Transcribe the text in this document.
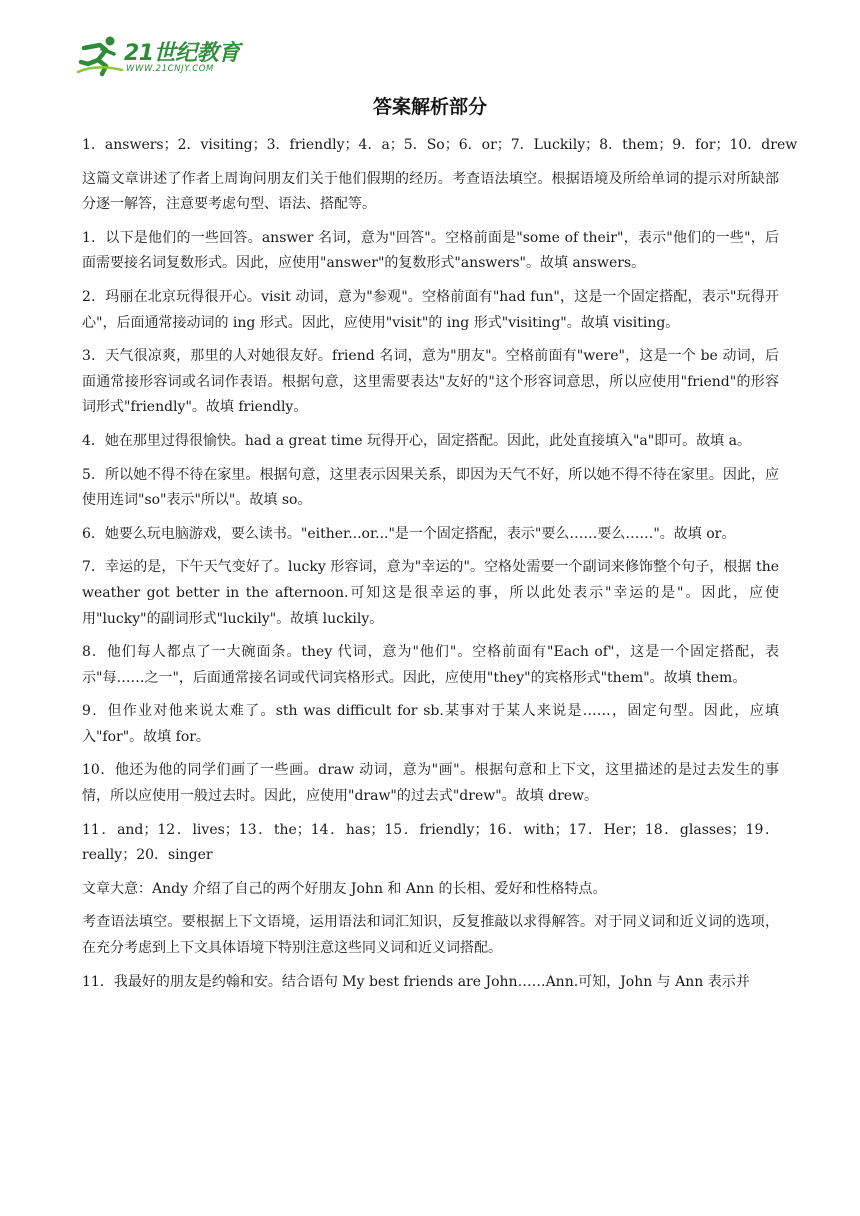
21世纪教育
WWW.21CNJY.COM
答案解析部分

1．answers；2．visiting；3．friendly；4．a；5．So；6．or；7．Luckily；8．them；9．for；10．drew

这篇文章讲述了作者上周询问朋友们关于他们假期的经历。考查语法填空。根据语境及所给单词的提示对所缺部分逐一解答，注意要考虑句型、语法、搭配等。

1．以下是他们的一些回答。answer 名词，意为"回答"。空格前面是"some of their"，表示"他们的一些"，后面需要接名词复数形式。因此，应使用"answer"的复数形式"answers"。故填 answers。

2．玛丽在北京玩得很开心。visit 动词，意为"参观"。空格前面有"had fun"，这是一个固定搭配，表示"玩得开心"，后面通常接动词的 ing 形式。因此，应使用"visit"的 ing 形式"visiting"。故填 visiting。

3．天气很凉爽，那里的人对她很友好。friend 名词，意为"朋友"。空格前面有"were"，这是一个 be 动词，后面通常接形容词或名词作表语。根据句意，这里需要表达"友好的"这个形容词意思，所以应使用"friend"的形容词形式"friendly"。故填 friendly。

4．她在那里过得很愉快。had a great time 玩得开心，固定搭配。因此，此处直接填入"a"即可。故填 a。

5．所以她不得不待在家里。根据句意，这里表示因果关系，即因为天气不好，所以她不得不待在家里。因此，应使用连词"so"表示"所以"。故填 so。

6．她要么玩电脑游戏，要么读书。"either...or..."是一个固定搭配，表示"要么……要么……"。故填 or。

7．幸运的是，下午天气变好了。lucky 形容词，意为"幸运的"。空格处需要一个副词来修饰整个句子，根据 the weather got better in the afternoon.可知这是很幸运的事，所以此处表示"幸运的是"。因此，应使用"lucky"的副词形式"luckily"。故填 luckily。

8．他们每人都点了一大碗面条。they 代词，意为"他们"。空格前面有"Each of"，这是一个固定搭配，表示"每……之一"，后面通常接名词或代词宾格形式。因此，应使用"they"的宾格形式"them"。故填 them。

9．但作业对他来说太难了。sth was difficult for sb.某事对于某人来说是……，固定句型。因此，应填入"for"。故填 for。

10．他还为他的同学们画了一些画。draw 动词，意为"画"。根据句意和上下文，这里描述的是过去发生的事情，所以应使用一般过去时。因此，应使用"draw"的过去式"drew"。故填 drew。

11．and；12．lives；13．the；14．has；15．friendly；16．with；17．Her；18．glasses；19．really；20．singer

文章大意：Andy 介绍了自己的两个好朋友 John 和 Ann 的长相、爱好和性格特点。

考查语法填空。要根据上下文语境，运用语法和词汇知识，反复推敲以求得解答。对于同义词和近义词的选项，在充分考虑到上下文具体语境下特别注意这些同义词和近义词搭配。

11．我最好的朋友是约翰和安。结合语句 My best friends are John……Ann.可知，John 与 Ann 表示并
